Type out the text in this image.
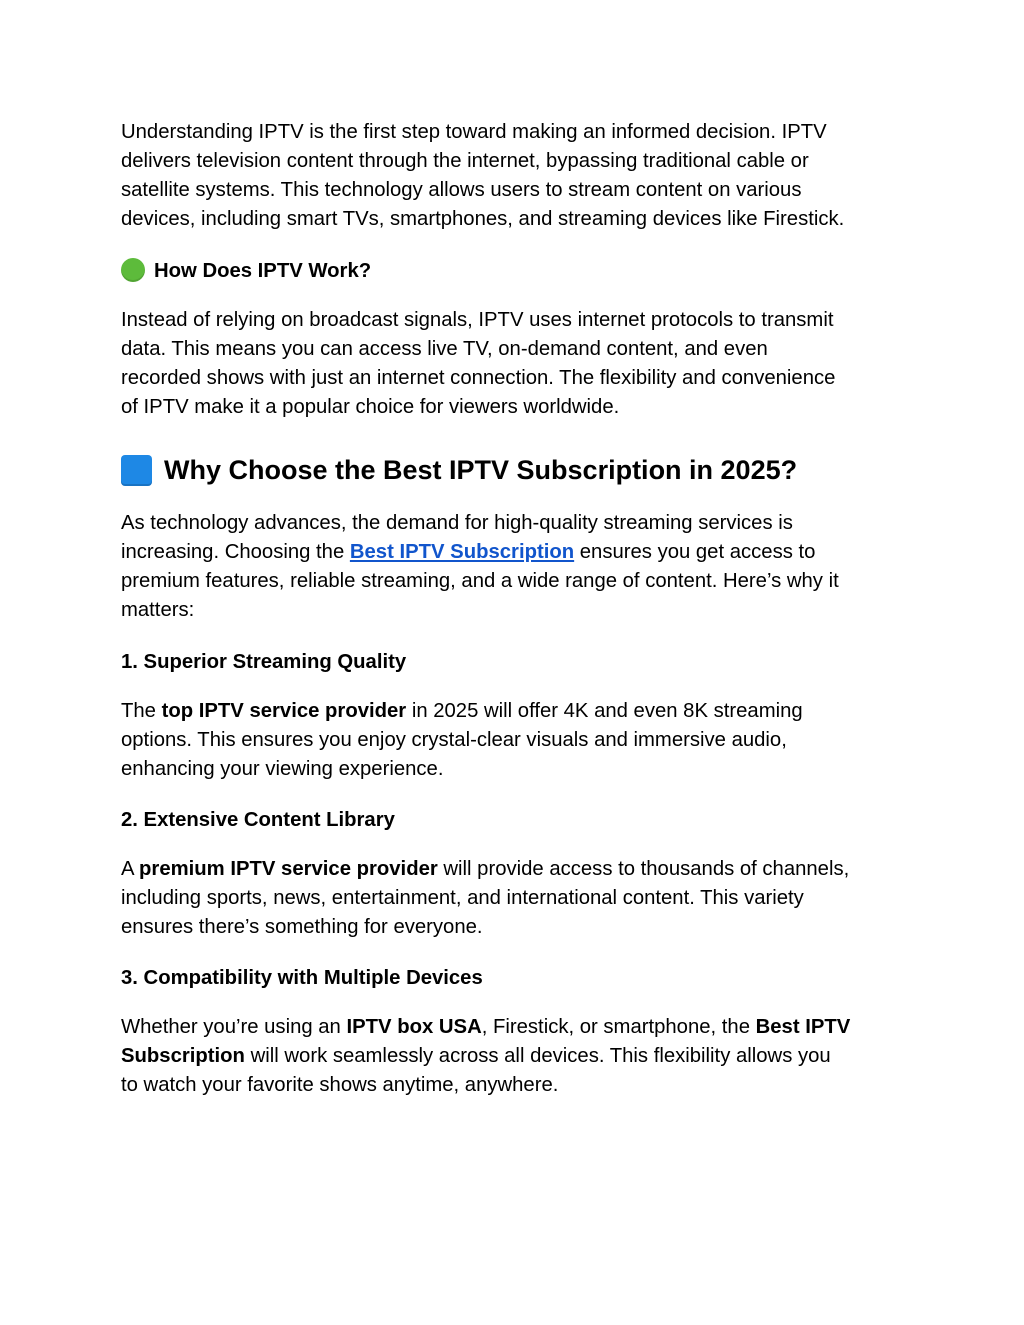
Understanding IPTV is the first step toward making an informed decision. IPTV
delivers television content through the internet, bypassing traditional cable or
satellite systems. This technology allows users to stream content on various
devices, including smart TVs, smartphones, and streaming devices like Firestick.

How Does IPTV Work?

Instead of relying on broadcast signals, IPTV uses internet protocols to transmit
data. This means you can access live TV, on-demand content, and even
recorded shows with just an internet connection. The flexibility and convenience
of IPTV make it a popular choice for viewers worldwide.

Why Choose the Best IPTV Subscription in 2025?

As technology advances, the demand for high-quality streaming services is
increasing. Choosing the Best IPTV Subscription ensures you get access to
premium features, reliable streaming, and a wide range of content. Here’s why it
matters:

1. Superior Streaming Quality

The top IPTV service provider in 2025 will offer 4K and even 8K streaming
options. This ensures you enjoy crystal-clear visuals and immersive audio,
enhancing your viewing experience.

2. Extensive Content Library

A premium IPTV service provider will provide access to thousands of channels,
including sports, news, entertainment, and international content. This variety
ensures there’s something for everyone.

3. Compatibility with Multiple Devices

Whether you’re using an IPTV box USA, Firestick, or smartphone, the Best IPTV
Subscription will work seamlessly across all devices. This flexibility allows you
to watch your favorite shows anytime, anywhere.
